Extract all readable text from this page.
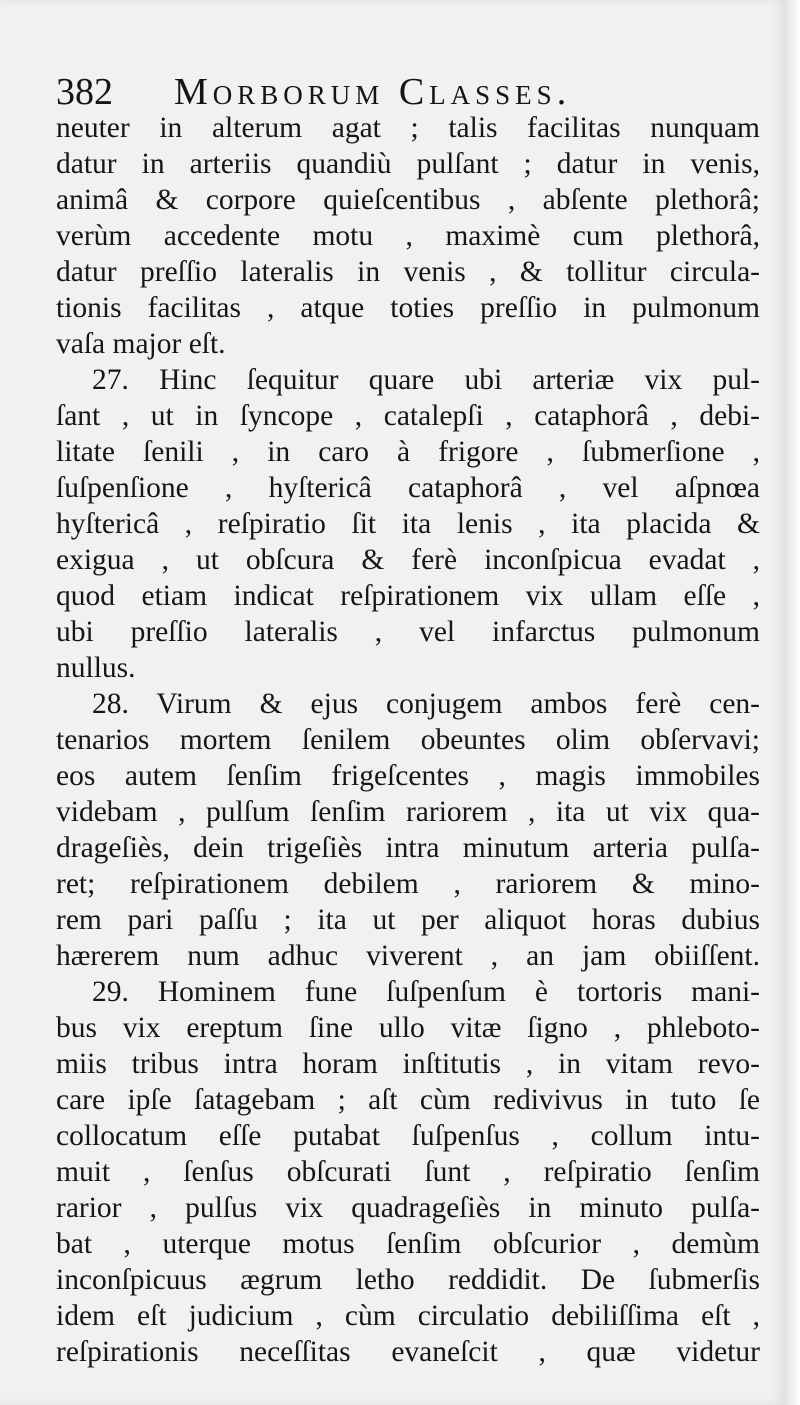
382 Morborum Classes.
neuter in alterum agat ; talis facilitas nunquam
datur in arteriis quandiù pulſant ; datur in venis,
animâ & corpore quieſcentibus , abſente plethorâ;
verùm accedente motu , maximè cum plethorâ,
datur preſſio lateralis in venis , & tollitur circula-
tionis facilitas , atque toties preſſio in pulmonum
vaſa major eſt.
27. Hinc ſequitur quare ubi arteriæ vix pul-
ſant , ut in ſyncope , catalepſi , cataphorâ , debi-
litate ſenili , in caro à frigore , ſubmerſione ,
ſuſpenſione , hyſtericâ cataphorâ , vel aſpnœa
hyſtericâ , reſpiratio ſit ita lenis , ita placida &
exigua , ut obſcura & ferè inconſpicua evadat ,
quod etiam indicat reſpirationem vix ullam eſſe ,
ubi preſſio lateralis , vel infarctus pulmonum
nullus.
28. Virum & ejus conjugem ambos ferè cen-
tenarios mortem ſenilem obeuntes olim obſervavi;
eos autem ſenſim frigeſcentes , magis immobiles
videbam , pulſum ſenſim rariorem , ita ut vix qua-
drageſiès, dein trigeſiès intra minutum arteria pulſa-
ret; reſpirationem debilem , rariorem & mino-
rem pari paſſu ; ita ut per aliquot horas dubius
hærerem num adhuc viverent , an jam obiiſſent.
29. Hominem fune ſuſpenſum è tortoris mani-
bus vix ereptum ſine ullo vitæ ſigno , phleboto-
miis tribus intra horam inſtitutis , in vitam revo-
care ipſe ſatagebam ; aſt cùm redivivus in tuto ſe
collocatum eſſe putabat ſuſpenſus , collum intu-
muit , ſenſus obſcurati ſunt , reſpiratio ſenſim
rarior , pulſus vix quadrageſiès in minuto pulſa-
bat , uterque motus ſenſim obſcurior , demùm
inconſpicuus ægrum letho reddidit. De ſubmerſis
idem eſt judicium , cùm circulatio debiliſſima eſt ,
reſpirationis neceſſitas evaneſcit , quæ videtur
